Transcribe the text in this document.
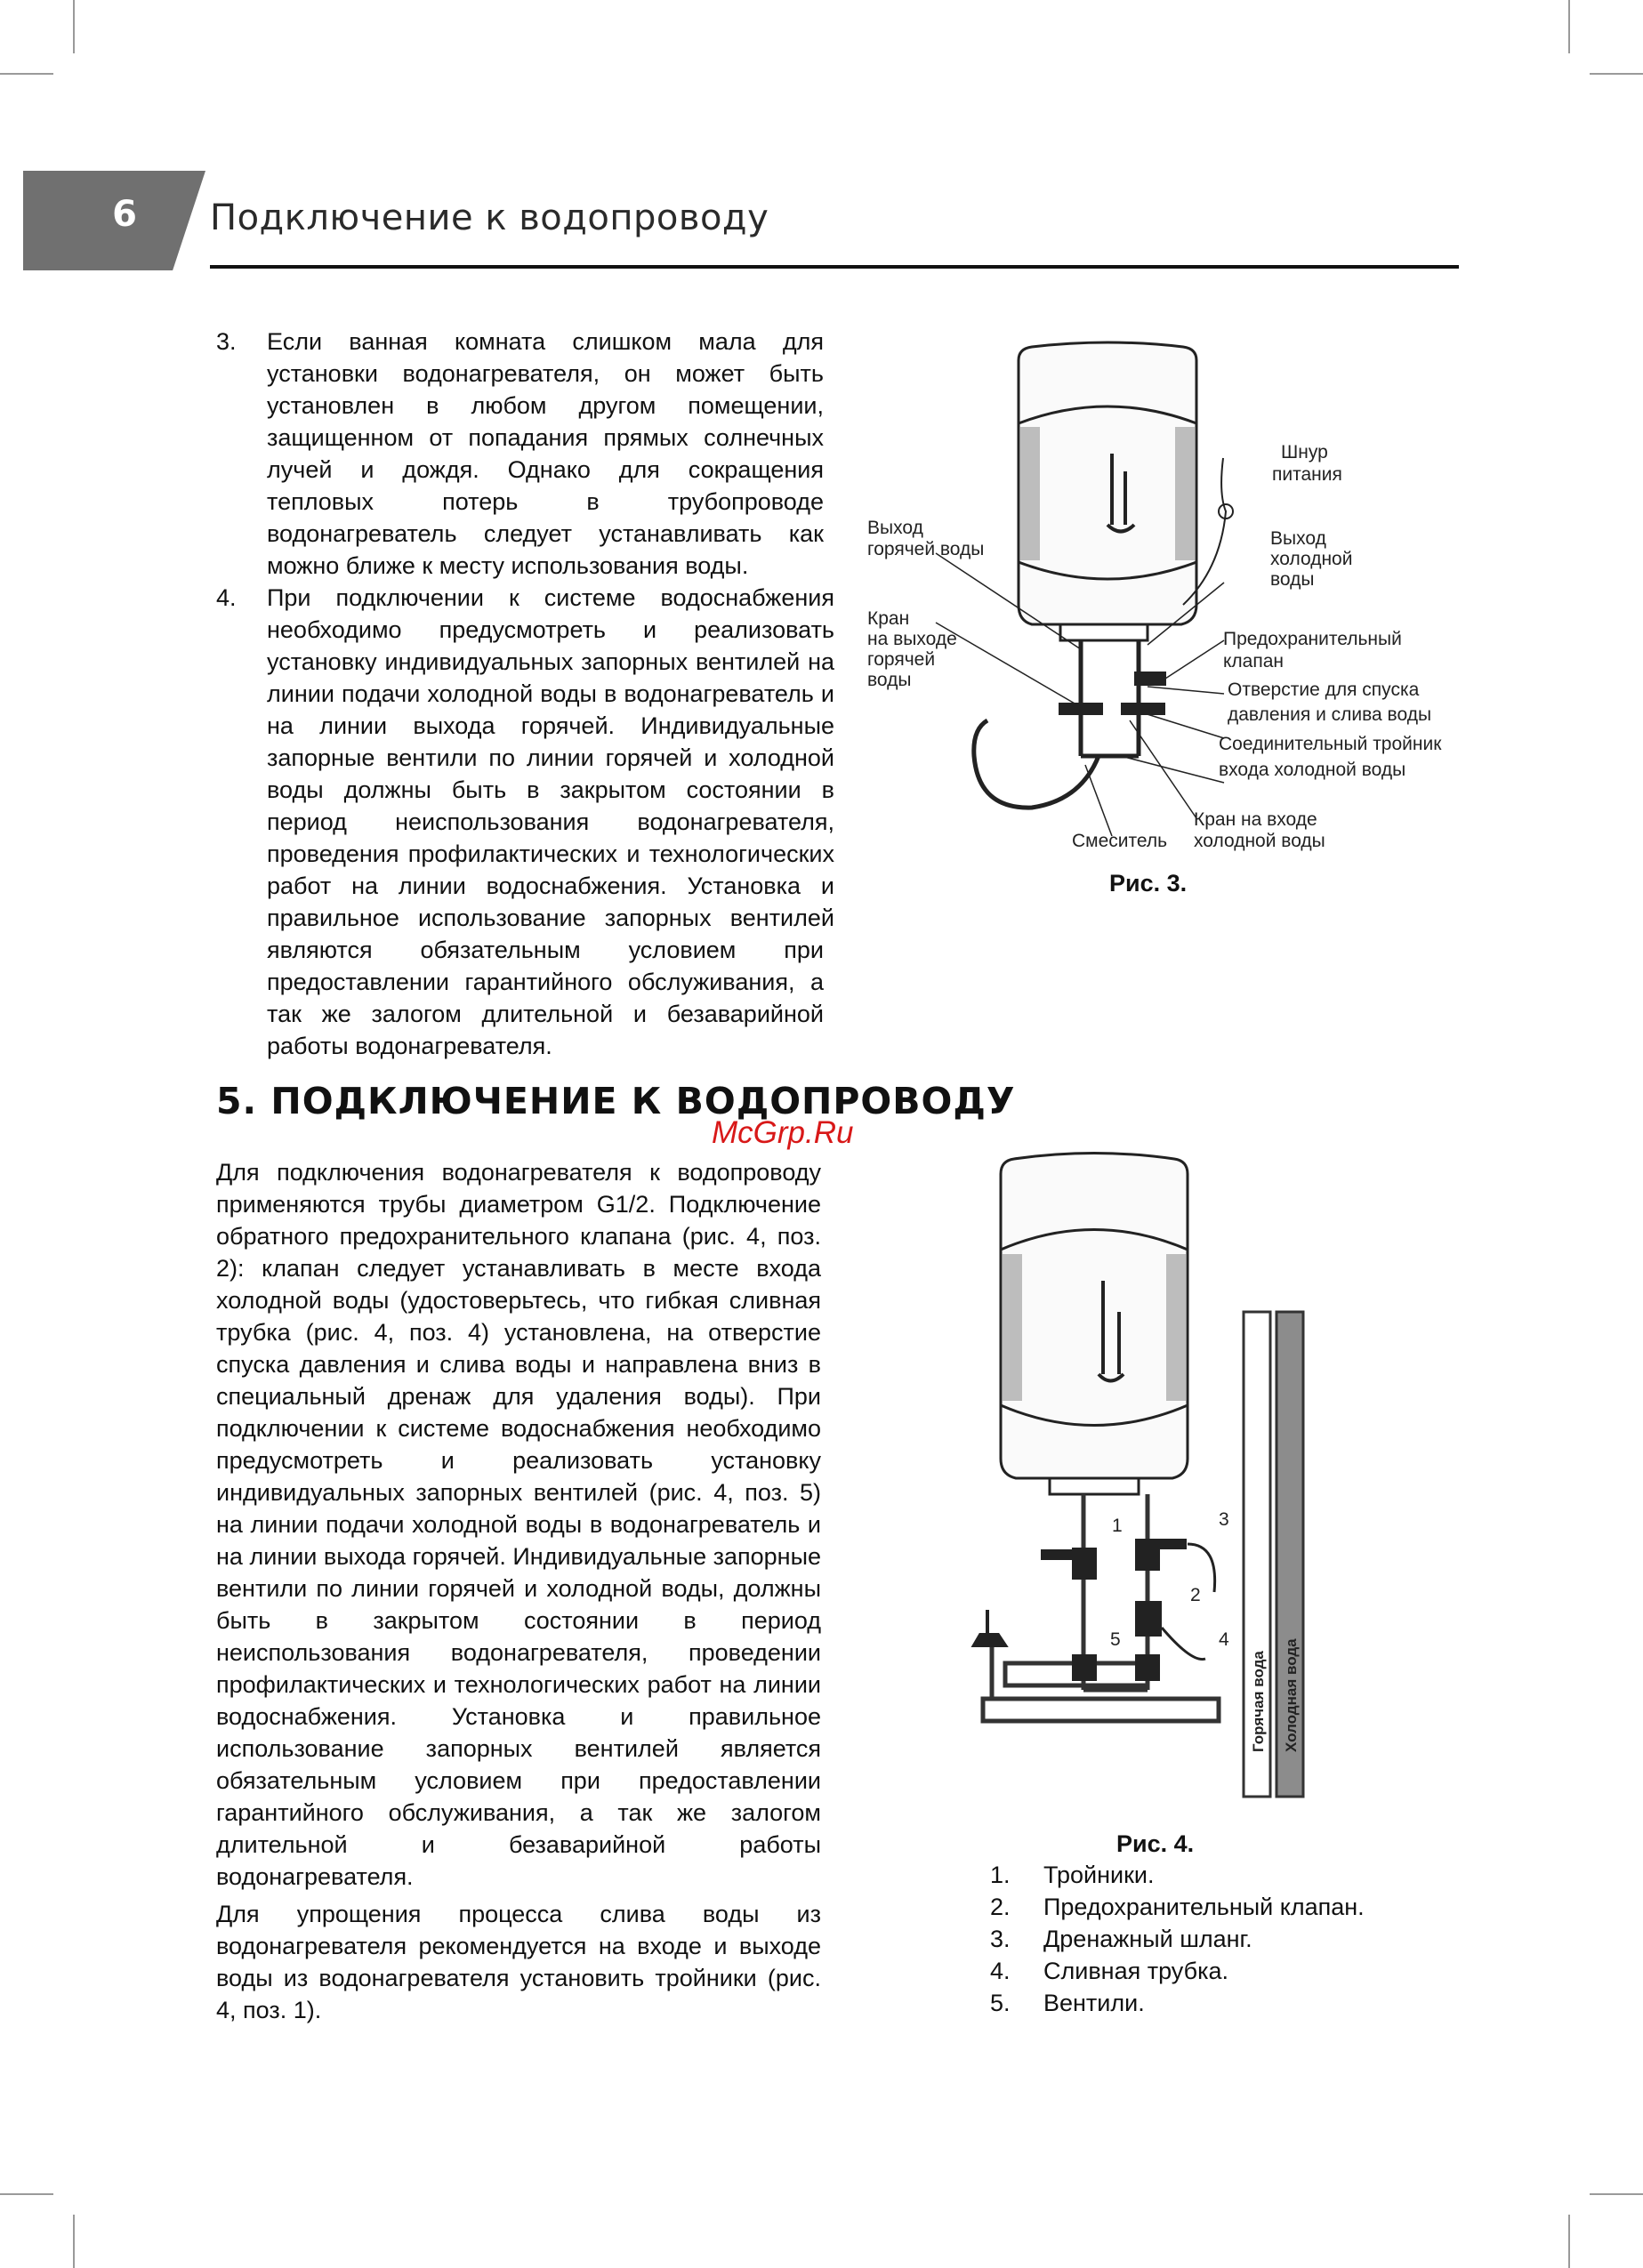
6	Подключение к водопроводу
3. Если ванная комната слишком мала для установки водонагревателя, он может быть установлен в любом другом помещении, защищенном от попадания прямых солнечных лучей и дождя. Однако для сокращения тепловых потерь в трубопроводе водонагреватель следует устанавливать как можно ближе к месту использования воды.

4. При подключении к системе водоснабжения необходимо предусмотреть и реализовать установку индивидуальных запорных вентилей на линии подачи холодной воды в водонагреватель и на линии выхода горячей. Индивидуальные запорные вентили по линии горячей и холодной воды должны быть в закрытом состоянии в период неиспользования водонагревателя, проведения профилактических и технологических работ на линии водоснабжения. Установка и правильное использование запорных вентилей являются обязательным условием при предоставлении гарантийного обслуживания, а так же залогом длительной и безаварийной работы водонагревателя.

Шнур
питания
Выход
горячей воды
Выход
холодной
воды
Кран
на выходе
горячей
воды
Предохранительный
клапан
Отверстие для спуска
давления и слива воды
Соединительный тройник
входа холодной воды
Кран на входе
холодной воды
Смеситель
Рис. 3.
5. ПОДКЛЮЧЕНИЕ К ВОДОПРОВОДУ
McGrp.Ru

Для подключения водонагревателя к водопроводу применяются трубы диаметром G1/2. Подключение обратного предохранительного клапана (рис. 4, поз. 2): клапан следует устанавливать в месте входа холодной воды (удостоверьтесь, что гибкая сливная трубка (рис. 4, поз. 4) установлена, на отверстие спуска давления и слива воды и направлена вниз в специальный дренаж для удаления воды). При подключении к системе водоснабжения необходимо предусмотреть и реализовать установку индивидуальных запорных вентилей (рис. 4, поз. 5) на линии подачи холодной воды в водонагреватель и на линии выхода горячей. Индивидуальные запорные вентили по линии горячей и холодной воды, должны быть в закрытом состоянии в период неиспользования водонагревателя, проведении профилактических и технологических работ на линии водоснабжения. Установка и правильное использование запорных вентилей является обязательным условием при предоставлении гарантийного обслуживания, а так же залогом длительной и безаварийной работы водонагревателя.

Для упрощения процесса слива воды из водонагревателя рекомендуется на входе и выходе воды из водонагревателя установить тройники (рис. 4, поз. 1).

1
2
3
4
5
Горячая вода Холодная вода
Рис. 4.
1. Тройники.
2. Предохранительный клапан.
3. Дренажный шланг.
4. Сливная трубка.
5. Вентили.
